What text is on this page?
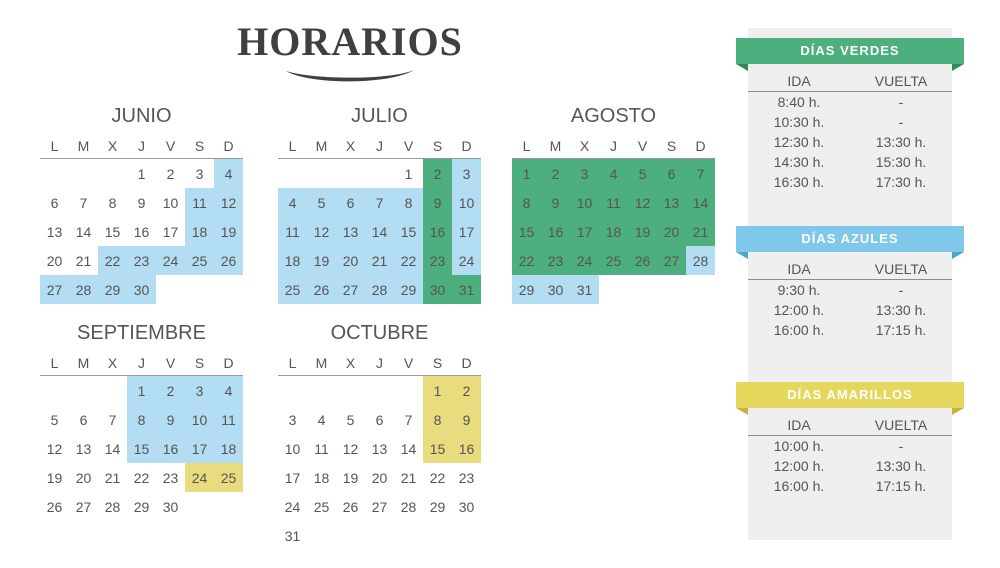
HORARIOS

JUNIO

L	M	X	J	V	S	D
			1	2	3	4
6	7	8	9	10	11	12
13	14	15	16	17	18	19
20	21	22	23	24	25	26
27	28	29	30			

JULIO

L	M	X	J	V	S	D
				1	2	3
4	5	6	7	8	9	10
11	12	13	14	15	16	17
18	19	20	21	22	23	24
25	26	27	28	29	30	31

AGOSTO

L	M	X	J	V	S	D
1	2	3	4	5	6	7
8	9	10	11	12	13	14
15	16	17	18	19	20	21
22	23	24	25	26	27	28
29	30	31				

SEPTIEMBRE

L	M	X	J	V	S	D
			1	2	3	4
5	6	7	8	9	10	11
12	13	14	15	16	17	18
19	20	21	22	23	24	25
26	27	28	29	30		

OCTUBRE

L	M	X	J	V	S	D
					1	2
3	4	5	6	7	8	9
10	11	12	13	14	15	16
17	18	19	20	21	22	23
24	25	26	27	28	29	30
31						
DÍAS VERDES
IDA	VUELTA
8:40 h.	-
10:30 h.	-
12:30 h.	13:30 h.
14:30 h.	15:30 h.
16:30 h.	17:30 h.
DÍAS AZULES
IDA	VUELTA
9:30 h.	-
12:00 h.	13:30 h.
16:00 h.	17:15 h.
DÍAS AMARILLOS
IDA	VUELTA
10:00 h.	-
12:00 h.	13:30 h.
16:00 h.	17:15 h.
